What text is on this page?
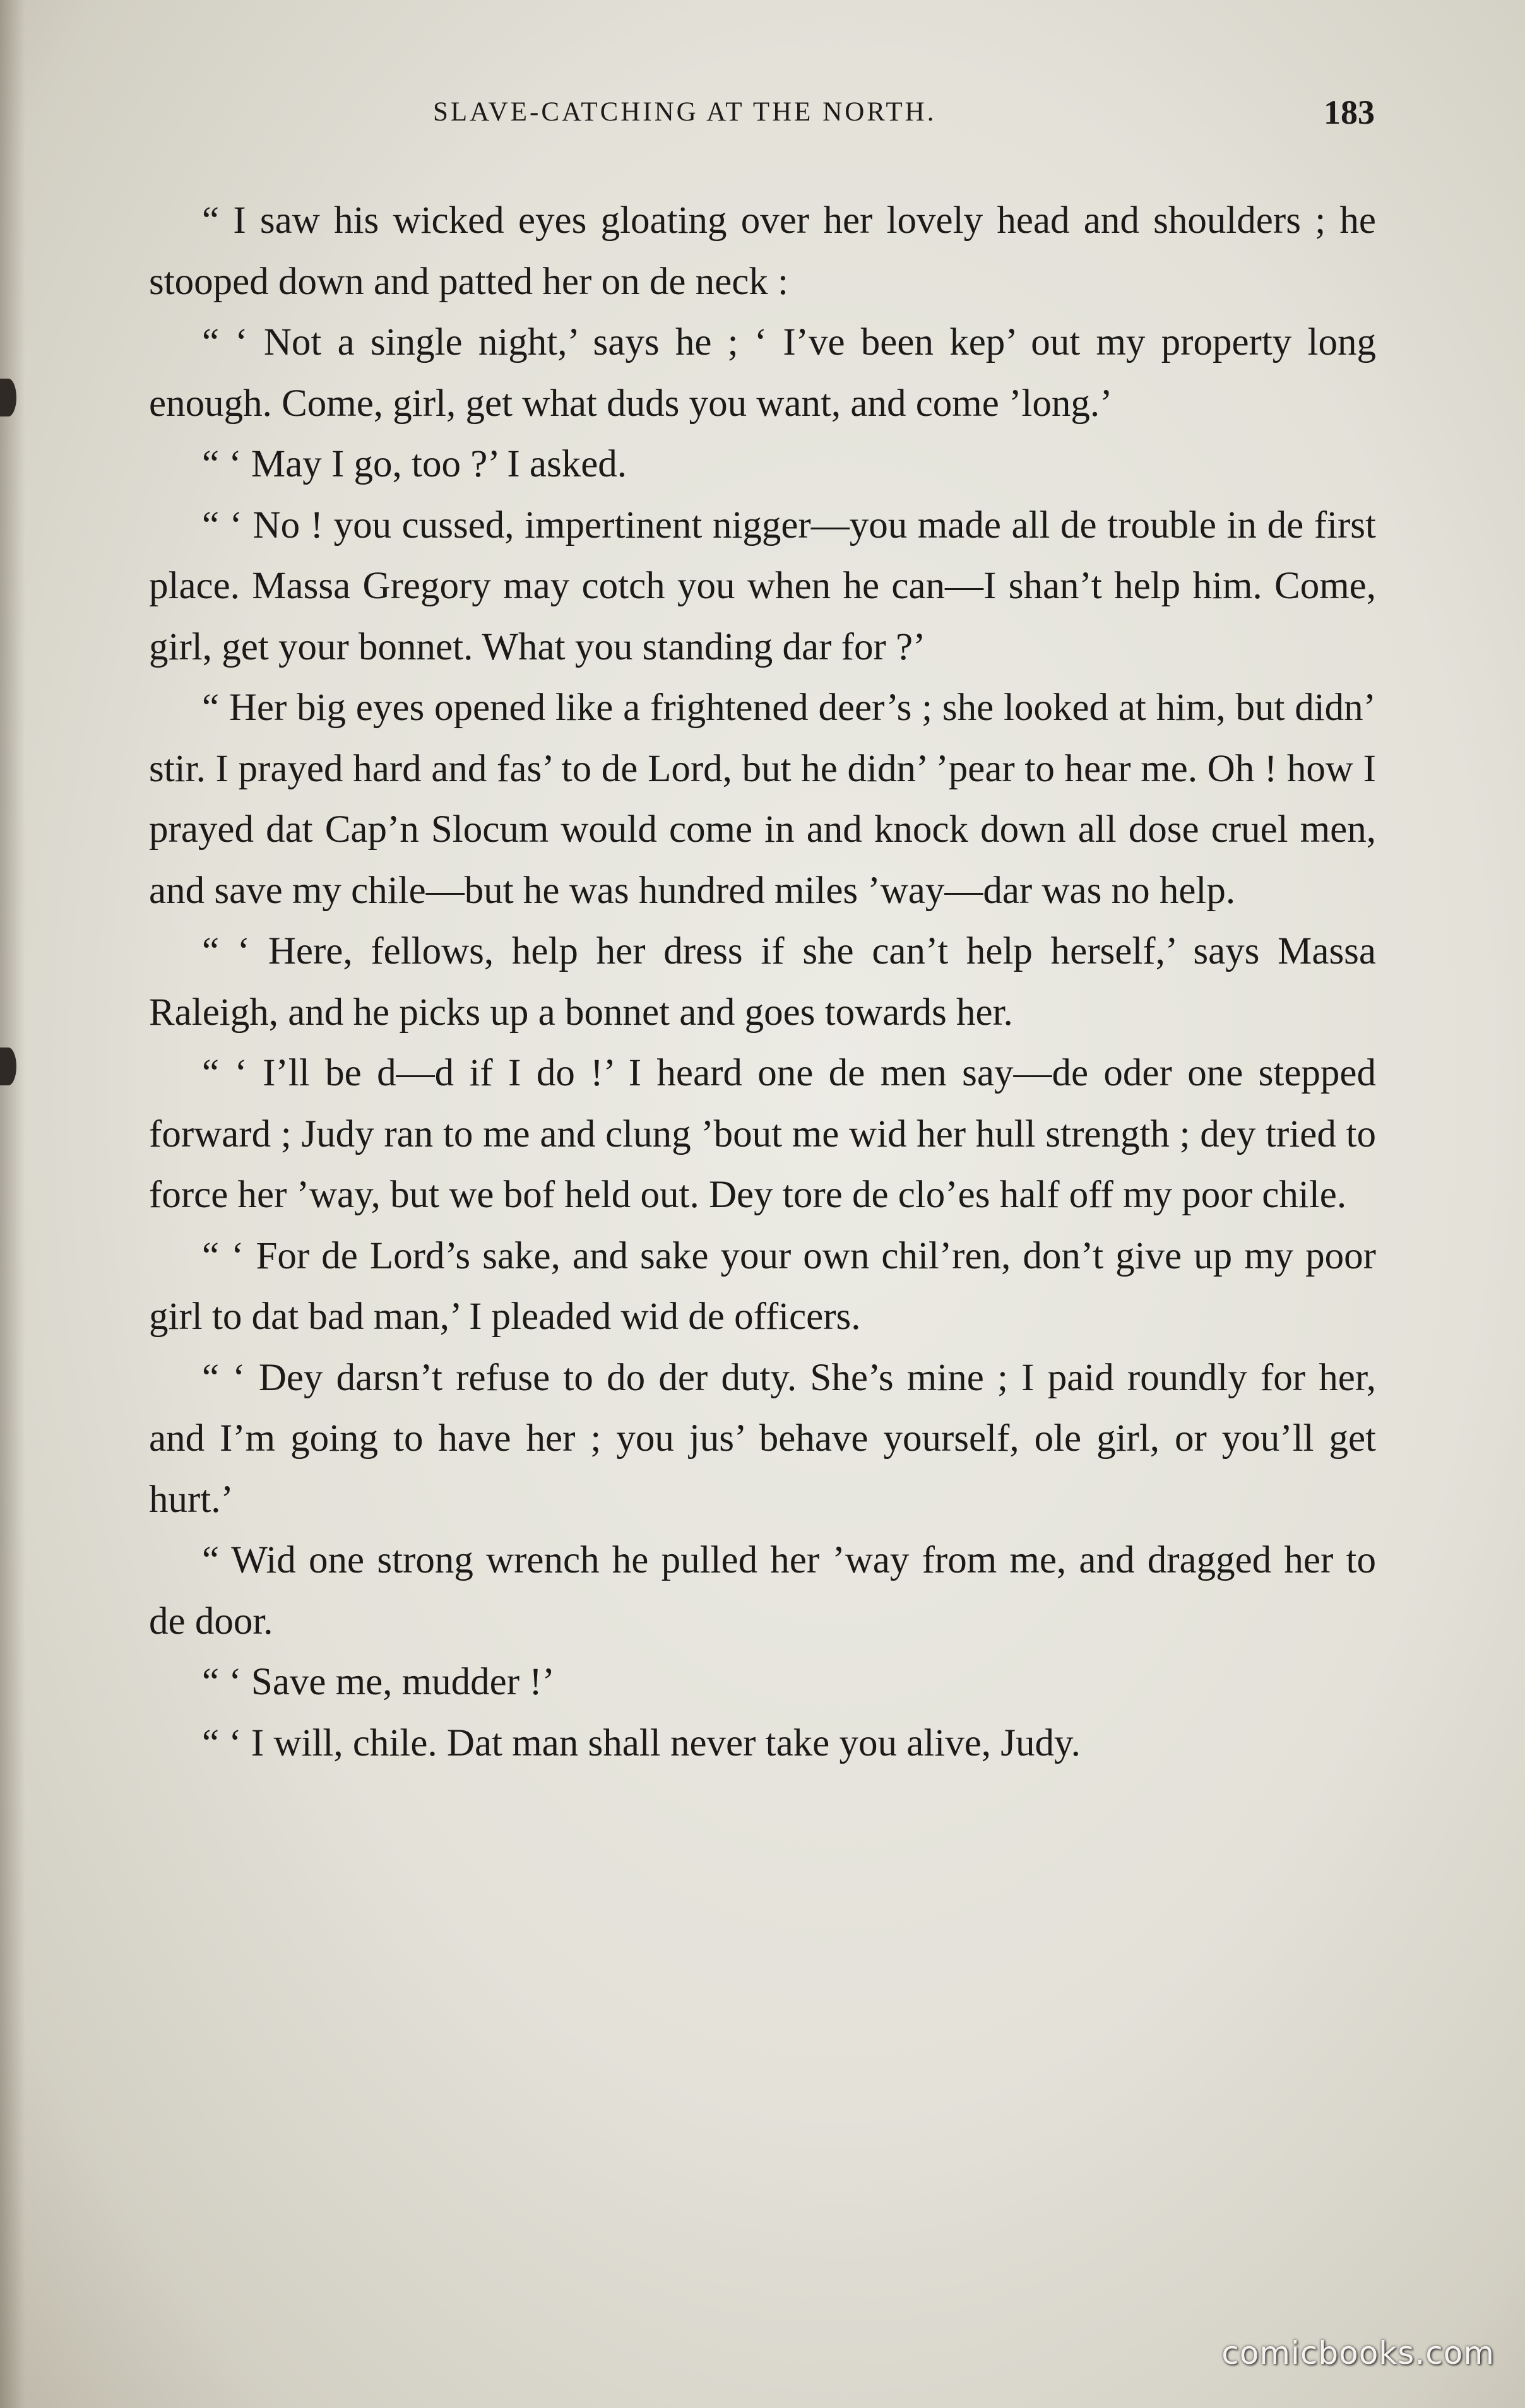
SLAVE-CATCHING AT THE NORTH.	183

“ I saw his wicked eyes gloating over her lovely head and shoulders ; he stooped down and patted her on de neck :

“ ‘ Not a single night,’ says he ; ‘ I’ve been kep’ out my property long enough. Come, girl, get what duds you want, and come ’long.’

“ ‘ May I go, too ?’ I asked.

“ ‘ No ! you cussed, impertinent nigger—you made all de trouble in de first place. Massa Gregory may cotch you when he can—I shan’t help him. Come, girl, get your bonnet. What you standing dar for ?’

“ Her big eyes opened like a frightened deer’s ; she looked at him, but didn’ stir. I prayed hard and fas’ to de Lord, but he didn’ ’pear to hear me. Oh ! how I prayed dat Cap’n Slocum would come in and knock down all dose cruel men, and save my chile—but he was hundred miles ’way—dar was no help.

“ ‘ Here, fellows, help her dress if she can’t help herself,’ says Massa Raleigh, and he picks up a bonnet and goes towards her.

“ ‘ I’ll be d—d if I do !’ I heard one de men say—de oder one stepped forward ; Judy ran to me and clung ’bout me wid her hull strength ; dey tried to force her ’way, but we bof held out. Dey tore de clo’es half off my poor chile.

“ ‘ For de Lord’s sake, and sake your own chil’ren, don’t give up my poor girl to dat bad man,’ I pleaded wid de officers.

“ ‘ Dey darsn’t refuse to do der duty. She’s mine ; I paid roundly for her, and I’m going to have her ; you jus’ behave yourself, ole girl, or you’ll get hurt.’

“ Wid one strong wrench he pulled her ’way from me, and dragged her to de door.

“ ‘ Save me, mudder !’

“ ‘ I will, chile. Dat man shall never take you alive, Judy.

comicbooks.com
